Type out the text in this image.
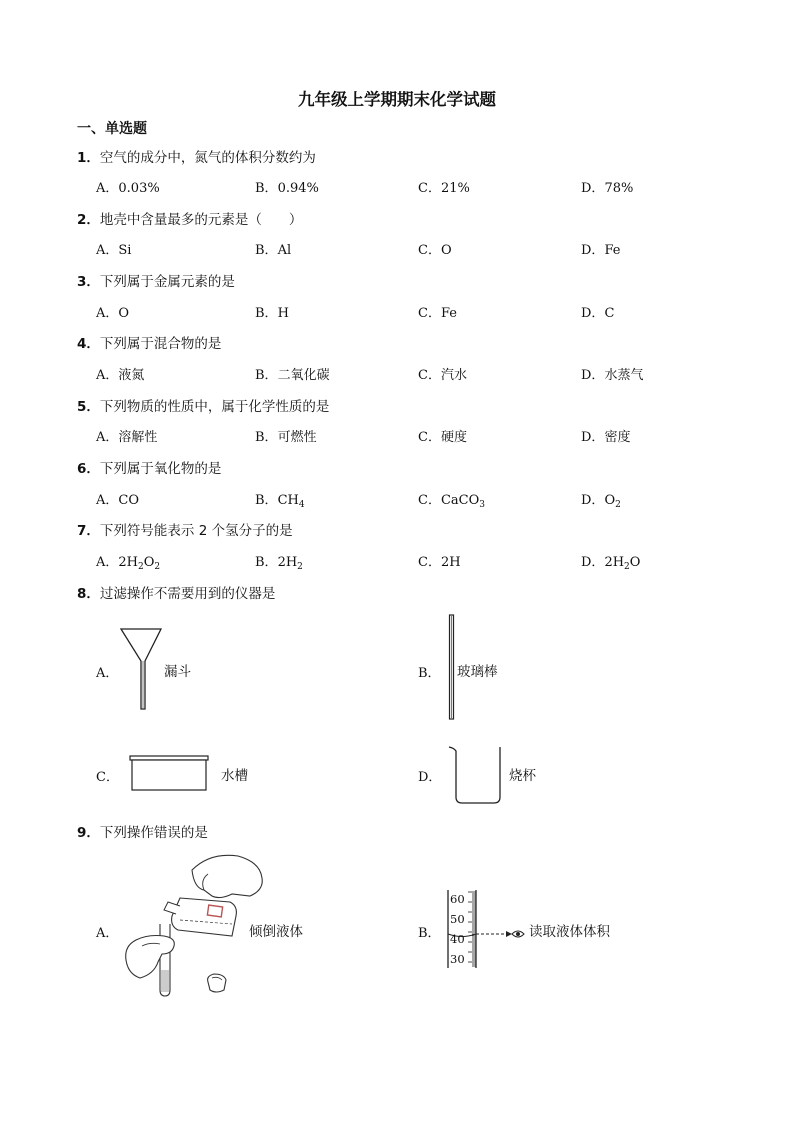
九年级上学期期末化学试题
一、单选题
1．空气的成分中，氮气的体积分数约为
A．0.03%	B．0.94%	C．21%	D．78%
2．地壳中含量最多的元素是（　　）
A．Si	B．Al	C．O	D．Fe
3．下列属于金属元素的是
A．O	B．H	C．Fe	D．C
4．下列属于混合物的是
A．液氮	B．二氧化碳	C．汽水	D．水蒸气
5．下列物质的性质中，属于化学性质的是
A．溶解性	B．可燃性	C．硬度	D．密度
6．下列属于氧化物的是
A．CO	B．$CH_4$	C．CaCO$_3$	D．$O_2$
7．下列符号能表示 2 个氢分子的是
A．$2H_2O_2$	B．$2H_2$	C．2H	D．$2H_2O$
8．过滤操作不需要用到的仪器是
A．	漏斗	B． 玻璃棒
C．	水槽	D．	烧杯
9．下列操作错误的是
A．	倾倒液体	B．
60
50
40
30
读取液体体积
